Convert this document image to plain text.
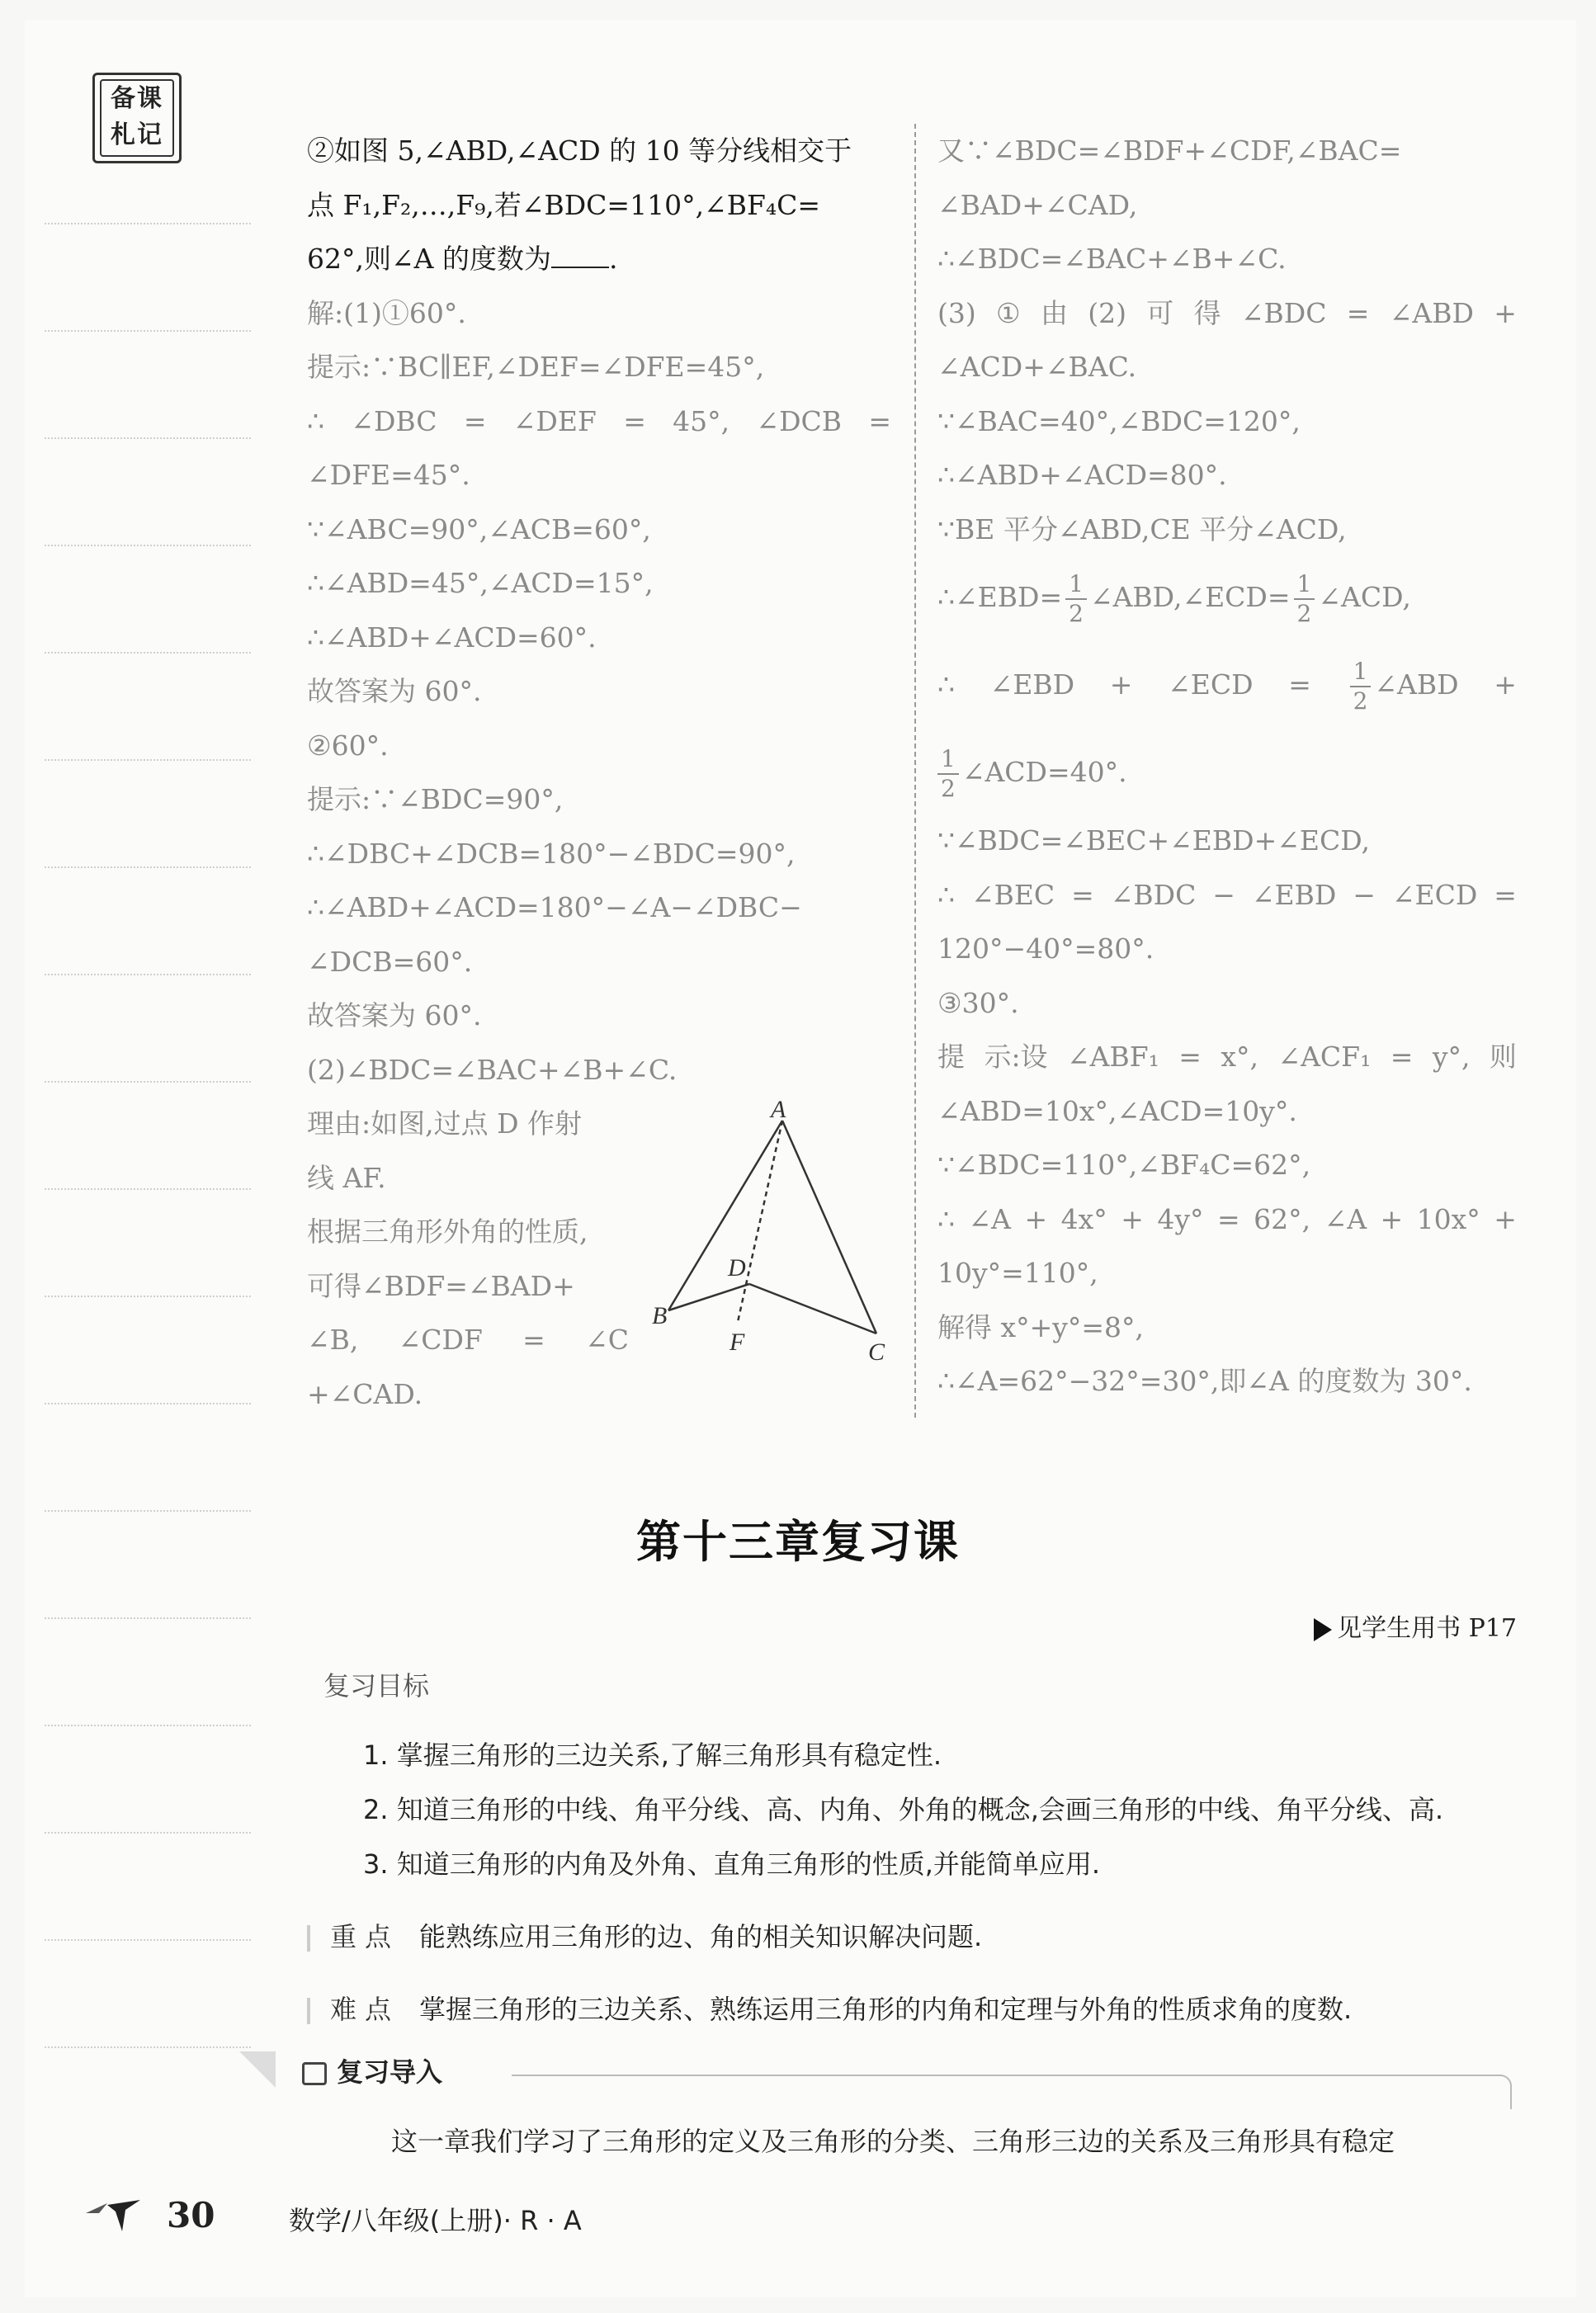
备课
札记	②如图 5,∠ABD,∠ACD 的 10 等分线相交于
点 F₁,F₂,…,F₉,若∠BDC=110°,∠BF₄C=
62°,则∠A 的度数为 .
解:(1)①60°.
提示:∵BC∥EF,∠DEF=∠DFE=45°,
∴ ∠DBC = ∠DEF = 45°, ∠DCB =
∠DFE=45°.
∵∠ABC=90°,∠ACB=60°,
∴∠ABD=45°,∠ACD=15°,
∴∠ABD+∠ACD=60°.
故答案为 60°.
②60°.
提示:∵∠BDC=90°,
∴∠DBC+∠DCB=180°−∠BDC=90°,
∴∠ABD+∠ACD=180°−∠A−∠DBC−
∠DCB=60°.
故答案为 60°.
(2)∠BDC=∠BAC+∠B+∠C.
理由:如图,过点 D 作射
线 AF.
根据三角形外角的性质,
可得∠BDF=∠BAD+
∠B, ∠CDF = ∠C
+∠CAD.
A
B
C
D
F
又∵∠BDC=∠BDF+∠CDF,∠BAC=
∠BAD+∠CAD,
∴∠BDC=∠BAC+∠B+∠C.
(3) ① 由 (2) 可 得 ∠BDC = ∠ABD +
∠ACD+∠BAC.
∵∠BAC=40°,∠BDC=120°,
∴∠ABD+∠ACD=80°.
∵BE 平分∠ABD,CE 平分∠ACD,
∴∠EBD= $\frac{1}{2}$ ∠ABD,∠ECD= $\frac{1}{2}$ ∠ACD,
∴ ∠EBD + ∠ECD = $\frac{1}{2}$ ∠ABD +
$\frac{1}{2}$ ∠ACD=40°.
∵∠BDC=∠BEC+∠EBD+∠ECD,
∴ ∠BEC = ∠BDC − ∠EBD − ∠ECD =
120°−40°=80°.
③30°.
提 示:设 ∠ABF₁ = x°, ∠ACF₁ = y°, 则
∠ABD=10x°,∠ACD=10y°.
∵∠BDC=110°,∠BF₄C=62°,
∴ ∠A + 4x° + 4y° = 62°, ∠A + 10x° +
10y°=110°,
解得 x°+y°=8°,
∴∠A=62°−32°=30°,即∠A 的度数为 30°.
第十三章复习课
见学生用书 P17
复习目标
1. 掌握三角形的三边关系,了解三角形具有稳定性.
2. 知道三角形的中线、角平分线、高、内角、外角的概念,会画三角形的中线、角平分线、高.
3. 知道三角形的内角及外角、直角三角形的性质,并能简单应用.
重点 能熟练应用三角形的边、角的相关知识解决问题.
难点 掌握三角形的三边关系、熟练运用三角形的内角和定理与外角的性质求角的度数.
复习导入
这一章我们学习了三角形的定义及三角形的分类、三角形三边的关系及三角形具有稳定
30	数学/八年级(上册)· R · A
